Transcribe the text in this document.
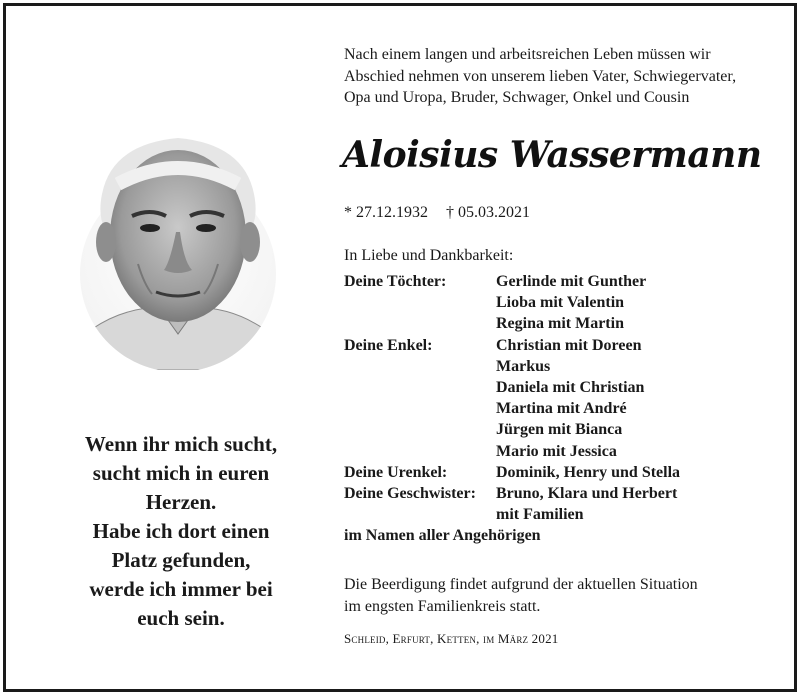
Nach einem langen und arbeitsreichen Leben müssen wir
Abschied nehmen von unserem lieben Vater, Schwiegervater,
Opa und Uropa, Bruder, Schwager, Onkel und Cousin
Aloisius Wassermann
* 27.12.1932 † 05.03.2021
In Liebe und Dankbarkeit:
Deine Töchter:	Gerlinde mit Gunther
Lioba mit Valentin
Regina mit Martin
Deine Enkel:	Christian mit Doreen
Markus
Daniela mit Christian
Martina mit André
Jürgen mit Bianca
Mario mit Jessica
Deine Urenkel:	Dominik, Henry und Stella
Deine Geschwister:	Bruno, Klara und Herbert
mit Familien
im Namen aller Angehörigen
Die Beerdigung findet aufgrund der aktuellen Situation
im engsten Familienkreis statt.
Schleid, Erfurt, Ketten, im März 2021
Wenn ihr mich sucht,
sucht mich in euren
Herzen.
Habe ich dort einen
Platz gefunden,
werde ich immer bei
euch sein.
